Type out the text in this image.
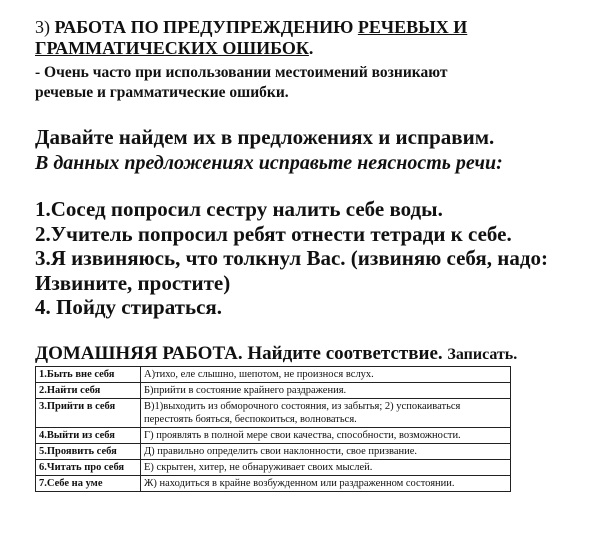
3) РАБОТА ПО ПРЕДУПРЕЖДЕНИЮ РЕЧЕВЫХ И
ГРАММАТИЧЕСКИХ ОШИБОК.
- Очень часто при использовании местоимений возникают
речевые и грамматические ошибки.
Давайте найдем их в предложениях и исправим.
В данных предложениях исправьте неясность речи:
1.Сосед попросил сестру налить себе воды.
2.Учитель попросил ребят отнести тетради к себе.
3.Я извиняюсь, что толкнул Вас. (извиняю себя, надо:
Извините, простите)
4. Пойду стираться.
ДОМАШНЯЯ РАБОТА. Найдите соответствие. Записать.
1.Быть вне себя	А)тихо, еле слышно, шепотом, не произнося вслух.
2.Найти себя	Б)прийти в состояние крайнего раздражения.
3.Прийти в себя	В)1)выходить из обморочного состояния, из забытья; 2) успокаиваться перестоять бояться, беспокоиться, волноваться.
4.Выйти из себя	Г) проявлять в полной мере свои качества, способности, возможности.
5.Проявить себя	Д) правильно определить свои наклонности, свое призвание.
6.Читать про себя	Е) скрытен, хитер, не обнаруживает своих мыслей.
7.Себе на уме	Ж) находиться в крайне возбужденном или раздраженном состоянии.
